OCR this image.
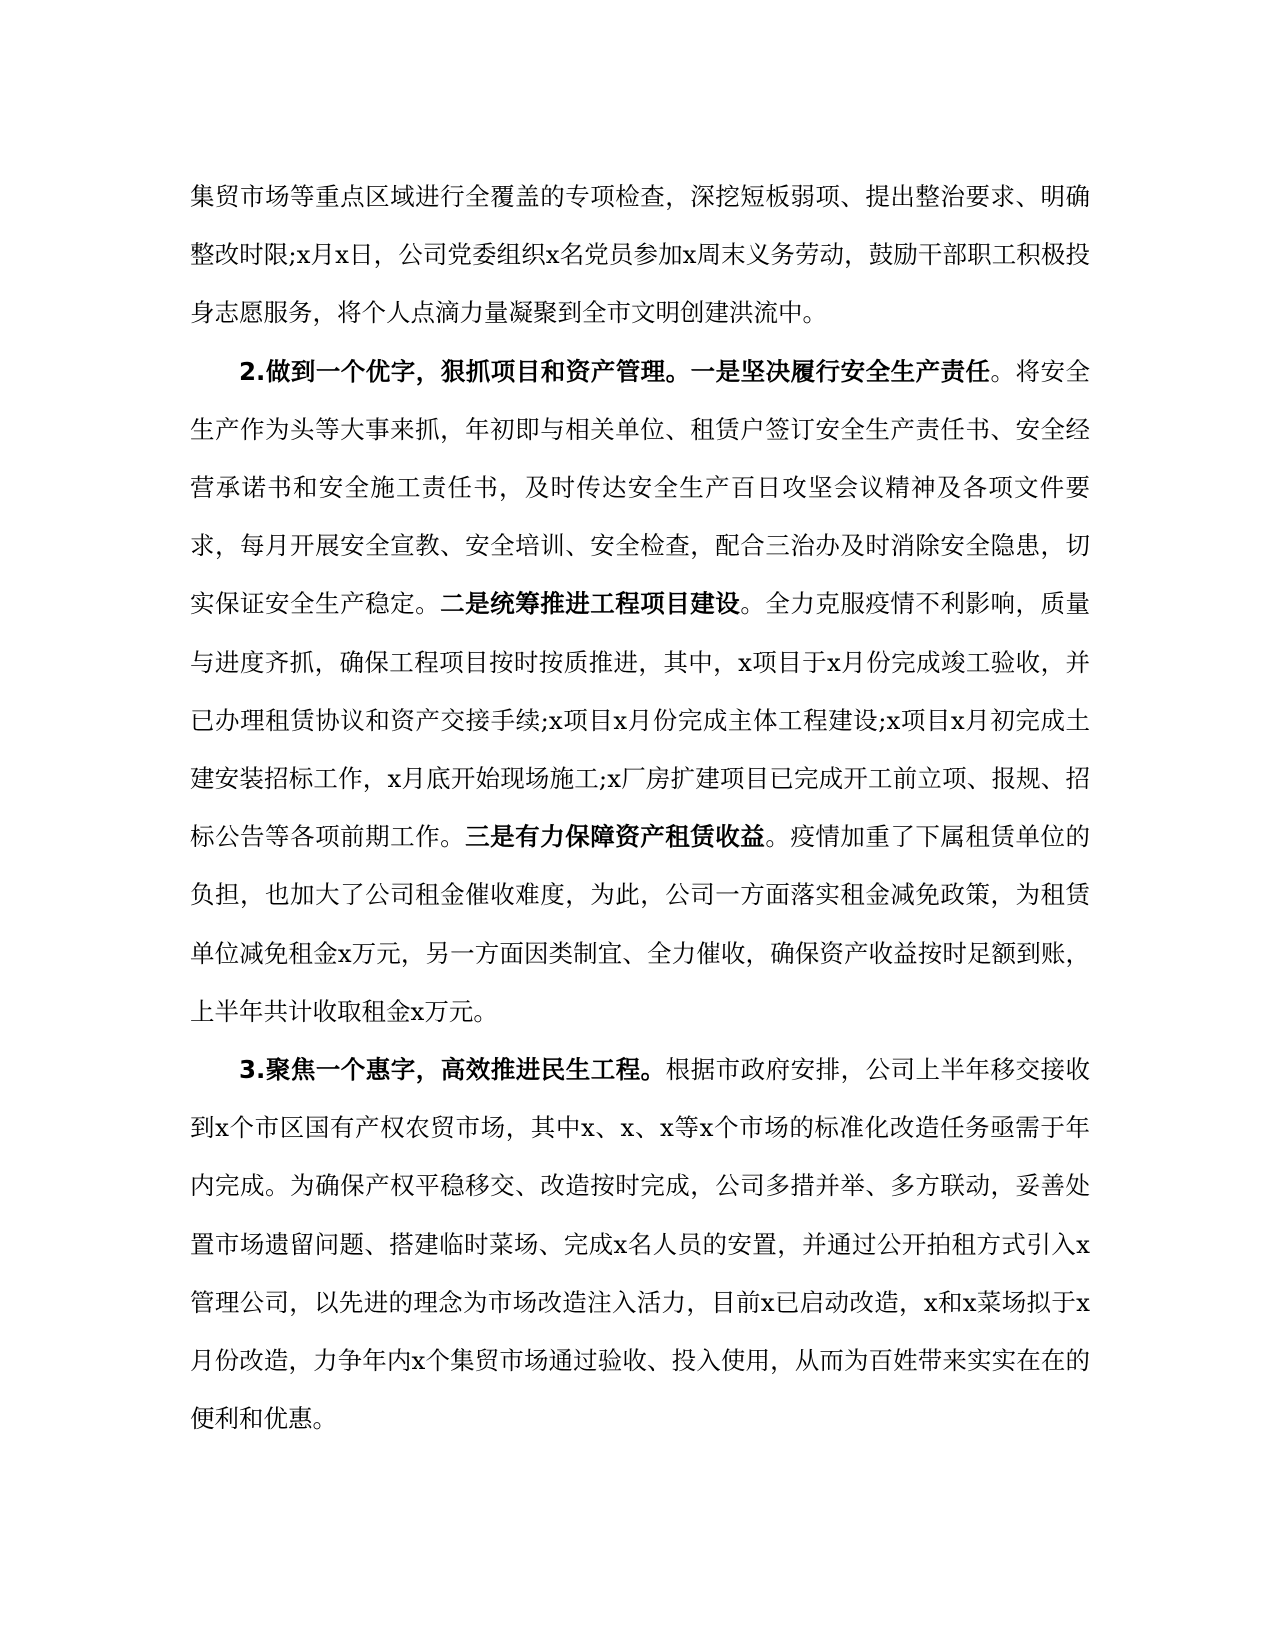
集贸市场等重点区域进行全覆盖的专项检查，深挖短板弱项、提出整治要求、明确整改时限;x月x日，公司党委组织x名党员参加x周末义务劳动，鼓励干部职工积极投身志愿服务，将个人点滴力量凝聚到全市文明创建洪流中。

2.做到一个优字，狠抓项目和资产管理。一是坚决履行安全生产责任。将安全生产作为头等大事来抓，年初即与相关单位、租赁户签订安全生产责任书、安全经营承诺书和安全施工责任书，及时传达安全生产百日攻坚会议精神及各项文件要求，每月开展安全宣教、安全培训、安全检查，配合三治办及时消除安全隐患，切实保证安全生产稳定。二是统筹推进工程项目建设。全力克服疫情不利影响，质量与进度齐抓，确保工程项目按时按质推进，其中，x项目于x月份完成竣工验收，并已办理租赁协议和资产交接手续;x项目x月份完成主体工程建设;x项目x月初完成土建安装招标工作，x月底开始现场施工;x厂房扩建项目已完成开工前立项、报规、招标公告等各项前期工作。三是有力保障资产租赁收益。疫情加重了下属租赁单位的负担，也加大了公司租金催收难度，为此，公司一方面落实租金减免政策，为租赁单位减免租金x万元，另一方面因类制宜、全力催收，确保资产收益按时足额到账，上半年共计收取租金x万元。

3.聚焦一个惠字，高效推进民生工程。根据市政府安排，公司上半年移交接收到x个市区国有产权农贸市场，其中x、x、x等x个市场的标准化改造任务亟需于年内完成。为确保产权平稳移交、改造按时完成，公司多措并举、多方联动，妥善处置市场遗留问题、搭建临时菜场、完成x名人员的安置，并通过公开拍租方式引入x管理公司，以先进的理念为市场改造注入活力，目前x已启动改造，x和x菜场拟于x月份改造，力争年内x个集贸市场通过验收、投入使用，从而为百姓带来实实在在的便利和优惠。
